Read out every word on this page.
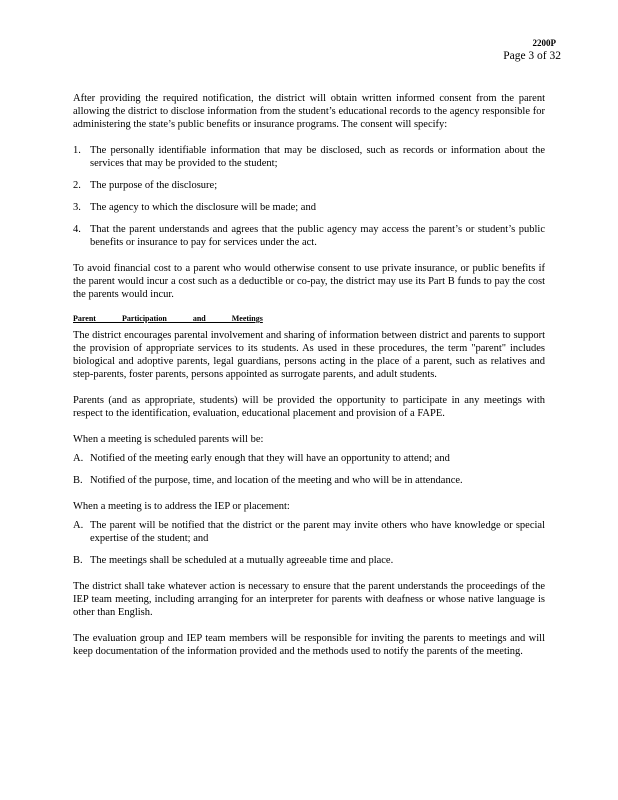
2200P
Page 3 of 32

After providing the required notification, the district will obtain written informed consent from the parent allowing the district to disclose information from the student’s educational records to the agency responsible for administering the state’s public benefits or insurance programs. The consent will specify:

1. The personally identifiable information that may be disclosed, such as records or information about the services that may be provided to the student;
2. The purpose of the disclosure;
3. The agency to which the disclosure will be made; and
4. That the parent understands and agrees that the public agency may access the parent’s or student’s public benefits or insurance to pay for services under the act.

To avoid financial cost to a parent who would otherwise consent to use private insurance, or public benefits if the parent would incur a cost such as a deductible or co-pay, the district may use its Part B funds to pay the cost the parents would incur.

Parent Participation and Meetings

The district encourages parental involvement and sharing of information between district and parents to support the provision of appropriate services to its students. As used in these procedures, the term "parent" includes biological and adoptive parents, legal guardians, persons acting in the place of a parent, such as relatives and step-parents, foster parents, persons appointed as surrogate parents, and adult students.

Parents (and as appropriate, students) will be provided the opportunity to participate in any meetings with respect to the identification, evaluation, educational placement and provision of a FAPE.

When a meeting is scheduled parents will be:

A. Notified of the meeting early enough that they will have an opportunity to attend; and
B. Notified of the purpose, time, and location of the meeting and who will be in attendance.

When a meeting is to address the IEP or placement:

A. The parent will be notified that the district or the parent may invite others who have knowledge or special expertise of the student; and
B. The meetings shall be scheduled at a mutually agreeable time and place.

The district shall take whatever action is necessary to ensure that the parent understands the proceedings of the IEP team meeting, including arranging for an interpreter for parents with deafness or whose native language is other than English.

The evaluation group and IEP team members will be responsible for inviting the parents to meetings and will keep documentation of the information provided and the methods used to notify the parents of the meeting.
